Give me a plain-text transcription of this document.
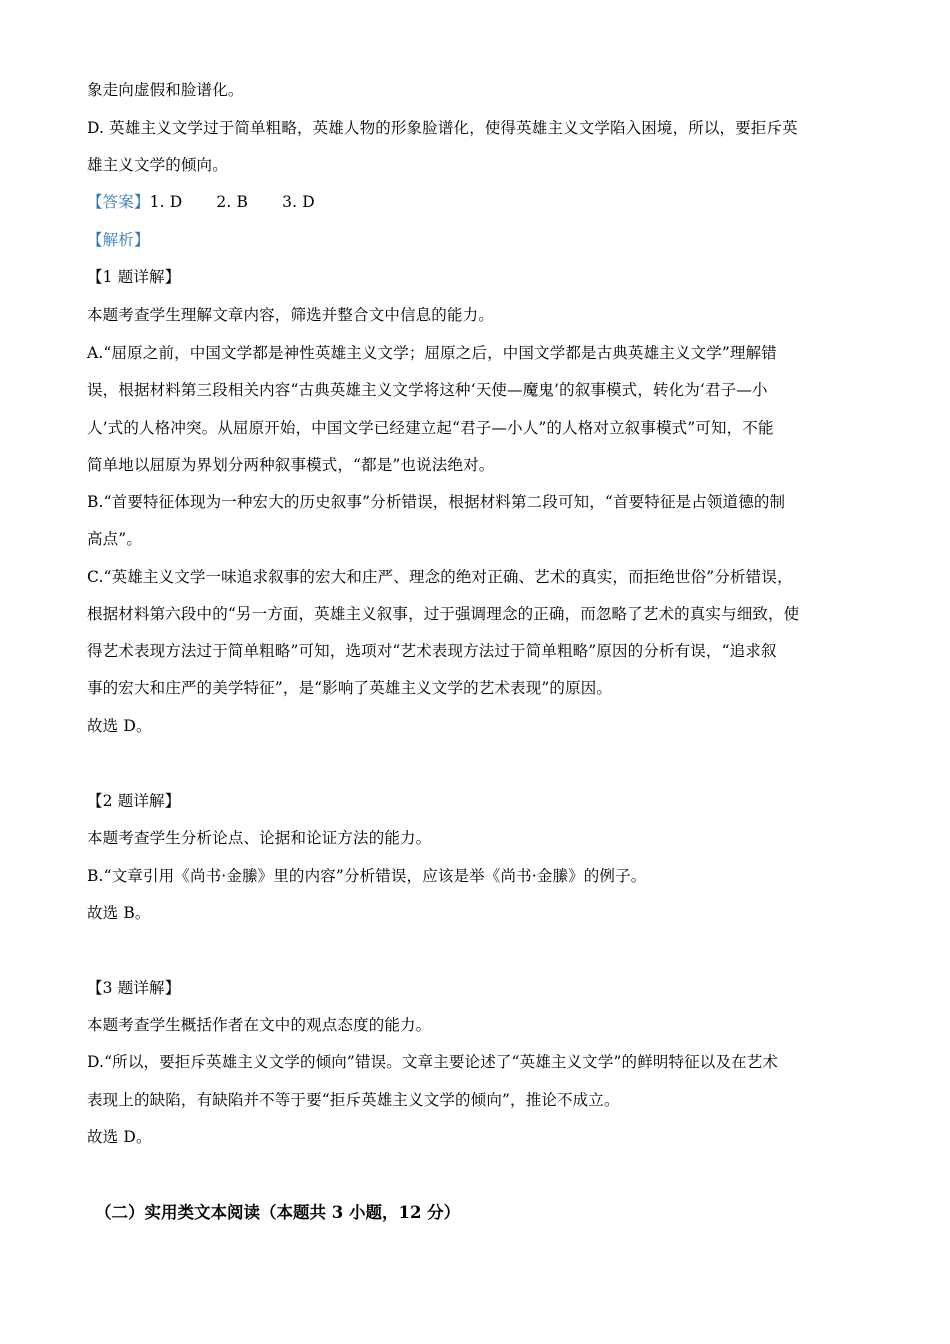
象走向虚假和脸谱化。
D. 英雄主义文学过于简单粗略，英雄人物的形象脸谱化，使得英雄主义文学陷入困境，所以，要拒斥英
雄主义文学的倾向。
【答案】1. D 2. B 3. D
【解析】
【1 题详解】
本题考查学生理解文章内容，筛选并整合文中信息的能力。
A.“屈原之前，中国文学都是神性英雄主义文学；屈原之后，中国文学都是古典英雄主义文学”理解错
误，根据材料第三段相关内容“古典英雄主义文学将这种‘天使—魔鬼’的叙事模式，转化为‘君子—小
人’式的人格冲突。从屈原开始，中国文学已经建立起“君子—小人”的人格对立叙事模式”可知，不能
简单地以屈原为界划分两种叙事模式，“都是”也说法绝对。
B.“首要特征体现为一种宏大的历史叙事”分析错误，根据材料第二段可知，“首要特征是占领道德的制
高点”。
C.“英雄主义文学一味追求叙事的宏大和庄严、理念的绝对正确、艺术的真实，而拒绝世俗”分析错误，
根据材料第六段中的“另一方面，英雄主义叙事，过于强调理念的正确，而忽略了艺术的真实与细致，使
得艺术表现方法过于简单粗略”可知，选项对“艺术表现方法过于简单粗略”原因的分析有误，“追求叙
事的宏大和庄严的美学特征”，是“影响了英雄主义文学的艺术表现”的原因。
故选 D。
【2 题详解】
本题考查学生分析论点、论据和论证方法的能力。
B.“文章引用《尚书·金縢》里的内容”分析错误，应该是举《尚书·金縢》的例子。
故选 B。
【3 题详解】
本题考查学生概括作者在文中的观点态度的能力。
D.“所以，要拒斥英雄主义文学的倾向”错误。文章主要论述了“英雄主义文学”的鲜明特征以及在艺术
表现上的缺陷，有缺陷并不等于要“拒斥英雄主义文学的倾向”，推论不成立。
故选 D。
（二）实用类文本阅读（本题共 3 小题，12 分）
